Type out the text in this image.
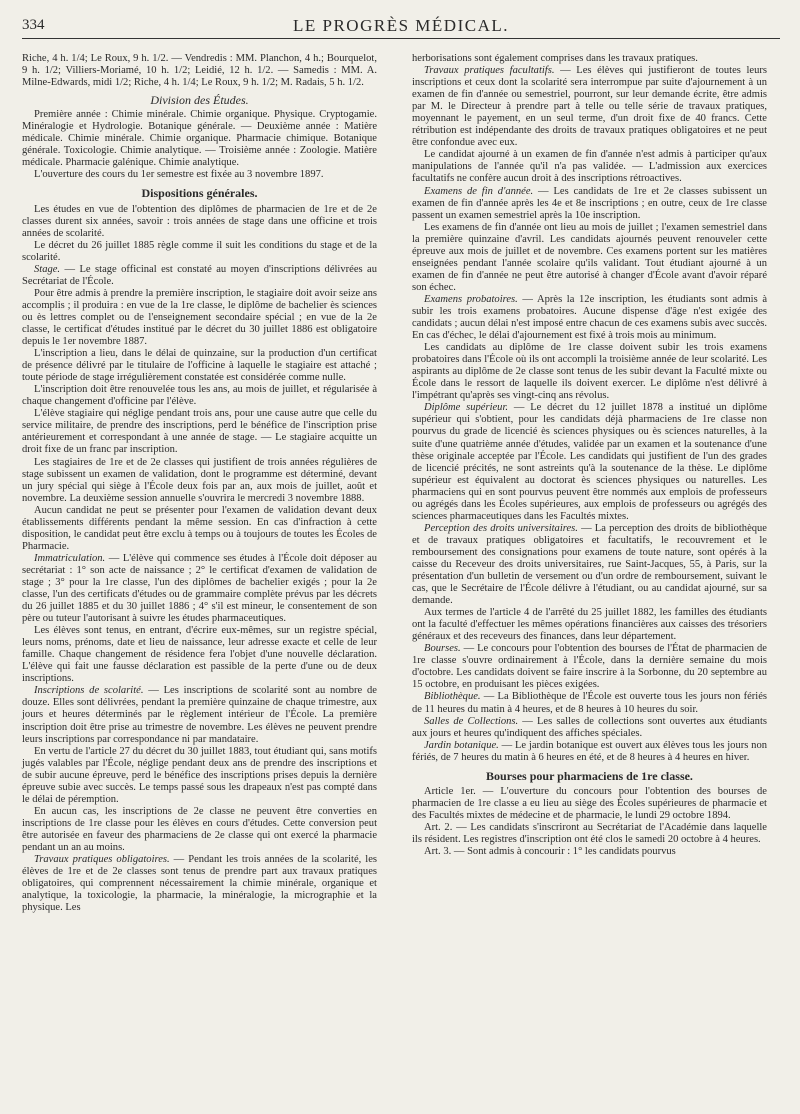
334	LE PROGRÈS MÉDICAL.

Riche, 4 h. 1/4; Le Roux, 9 h. 1/2. — Vendredis : MM. Planchon, 4 h.; Bourquelot, 9 h. 1/2; Villiers-Moriamé, 10 h. 1/2; Leidié, 12 h. 1/2. — Samedis : MM. A. Milne-Edwards, midi 1/2; Riche, 4 h. 1/4; Le Roux, 9 h. 1/2; M. Radais, 5 h. 1/2.

Division des Études.

Première année : Chimie minérale. Chimie organique. Physique. Cryptogamie. Minéralogie et Hydrologie. Botanique générale. — Deuxième année : Matière médicale. Chimie minérale. Chimie organique. Pharmacie chimique. Botanique générale. Toxicologie. Chimie analytique. — Troisième année : Zoologie. Matière médicale. Pharmacie galénique. Chimie analytique.

L'ouverture des cours du 1er semestre est fixée au 3 novembre 1897.

Dispositions générales.

Les études en vue de l'obtention des diplômes de pharmacien de 1re et de 2e classes durent six années, savoir : trois années de stage dans une officine et trois années de scolarité.

Le décret du 26 juillet 1885 règle comme il suit les conditions du stage et de la scolarité.

Stage. — Le stage officinal est constaté au moyen d'inscriptions délivrées au Secrétariat de l'École.

Pour être admis à prendre la première inscription, le stagiaire doit avoir seize ans accomplis ; il produira : en vue de la 1re classe, le diplôme de bachelier ès sciences ou ès lettres complet ou de l'enseignement secondaire spécial ; en vue de la 2e classe, le certificat d'études institué par le décret du 30 juillet 1886 est obligatoire depuis le 1er novembre 1887.

L'inscription a lieu, dans le délai de quinzaine, sur la production d'un certificat de présence délivré par le titulaire de l'officine à laquelle le stagiaire est attaché ; toute période de stage irrégulièrement constatée est considérée comme nulle.

L'inscription doit être renouvelée tous les ans, au mois de juillet, et régularisée à chaque changement d'officine par l'élève.

L'élève stagiaire qui néglige pendant trois ans, pour une cause autre que celle du service militaire, de prendre des inscriptions, perd le bénéfice de l'inscription prise antérieurement et correspondant à une année de stage. — Le stagiaire acquitte un droit fixe de un franc par inscription.

Les stagiaires de 1re et de 2e classes qui justifient de trois années régulières de stage subissent un examen de validation, dont le programme est déterminé, devant un jury spécial qui siège à l'École deux fois par an, aux mois de juillet, août et novembre. La deuxième session annuelle s'ouvrira le mercredi 3 novembre 1888.

Aucun candidat ne peut se présenter pour l'examen de validation devant deux établissements différents pendant la même session. En cas d'infraction à cette disposition, le candidat peut être exclu à temps ou à toujours de toutes les Écoles de Pharmacie.

Immatriculation. — L'élève qui commence ses études à l'École doit déposer au secrétariat : 1° son acte de naissance ; 2° le certificat d'examen de validation de stage ; 3° pour la 1re classe, l'un des diplômes de bachelier exigés ; pour la 2e classe, l'un des certificats d'études ou de grammaire complète prévus par les décrets du 26 juillet 1885 et du 30 juillet 1886 ; 4° s'il est mineur, le consentement de son père ou tuteur l'autorisant à suivre les études pharmaceutiques.

Les élèves sont tenus, en entrant, d'écrire eux-mêmes, sur un registre spécial, leurs noms, prénoms, date et lieu de naissance, leur adresse exacte et celle de leur famille. Chaque changement de résidence fera l'objet d'une nouvelle déclaration. L'élève qui fait une fausse déclaration est passible de la perte d'une ou de deux inscriptions.

Inscriptions de scolarité. — Les inscriptions de scolarité sont au nombre de douze. Elles sont délivrées, pendant la première quinzaine de chaque trimestre, aux jours et heures déterminés par le règlement intérieur de l'École. La première inscription doit être prise au trimestre de novembre. Les élèves ne peuvent prendre leurs inscriptions par correspondance ni par mandataire.

En vertu de l'article 27 du décret du 30 juillet 1883, tout étudiant qui, sans motifs jugés valables par l'École, néglige pendant deux ans de prendre des inscriptions et de subir aucune épreuve, perd le bénéfice des inscriptions prises depuis la dernière épreuve subie avec succès. Le temps passé sous les drapeaux n'est pas compté dans le délai de péremption.

En aucun cas, les inscriptions de 2e classe ne peuvent être converties en inscriptions de 1re classe pour les élèves en cours d'études. Cette conversion peut être autorisée en faveur des pharmaciens de 2e classe qui ont exercé la pharmacie pendant un an au moins.

Travaux pratiques obligatoires. — Pendant les trois années de la scolarité, les élèves de 1re et de 2e classes sont tenus de prendre part aux travaux pratiques obligatoires, qui comprennent nécessairement la chimie minérale, organique et analytique, la toxicologie, la pharmacie, la minéralogie, la micrographie et la physique. Les

herborisations sont également comprises dans les travaux pratiques.

Travaux pratiques facultatifs. — Les élèves qui justifieront de toutes leurs inscriptions et ceux dont la scolarité sera interrompue par suite d'ajournement à un examen de fin d'année ou semestriel, pourront, sur leur demande écrite, être admis par M. le Directeur à prendre part à telle ou telle série de travaux pratiques, moyennant le payement, en un seul terme, d'un droit fixe de 40 francs. Cette rétribution est indépendante des droits de travaux pratiques obligatoires et ne peut être confondue avec eux.

Le candidat ajourné à un examen de fin d'année n'est admis à participer qu'aux manipulations de l'année qu'il n'a pas validée. — L'admission aux exercices facultatifs ne confère aucun droit à des inscriptions rétroactives.

Examens de fin d'année. — Les candidats de 1re et 2e classes subissent un examen de fin d'année après les 4e et 8e inscriptions ; en outre, ceux de 1re classe passent un examen semestriel après la 10e inscription.

Les examens de fin d'année ont lieu au mois de juillet ; l'examen semestriel dans la première quinzaine d'avril. Les candidats ajournés peuvent renouveler cette épreuve aux mois de juillet et de novembre. Ces examens portent sur les matières enseignées pendant l'année scolaire qu'ils validant. Tout étudiant ajourné à un examen de fin d'année ne peut être autorisé à changer d'École avant d'avoir réparé son échec.

Examens probatoires. — Après la 12e inscription, les étudiants sont admis à subir les trois examens probatoires. Aucune dispense d'âge n'est exigée des candidats ; aucun délai n'est imposé entre chacun de ces examens subis avec succès. En cas d'échec, le délai d'ajournement est fixé à trois mois au minimum.

Les candidats au diplôme de 1re classe doivent subir les trois examens probatoires dans l'École où ils ont accompli la troisième année de leur scolarité. Les aspirants au diplôme de 2e classe sont tenus de les subir devant la Faculté mixte ou École dans le ressort de laquelle ils doivent exercer. Le diplôme n'est délivré à l'impétrant qu'après ses vingt-cinq ans révolus.

Diplôme supérieur. — Le décret du 12 juillet 1878 a institué un diplôme supérieur qui s'obtient, pour les candidats déjà pharmaciens de 1re classe non pourvus du grade de licencié ès sciences physiques ou ès sciences naturelles, à la suite d'une quatrième année d'études, validée par un examen et la soutenance d'une thèse originale acceptée par l'École. Les candidats qui justifient de l'un des grades de licencié précités, ne sont astreints qu'à la soutenance de la thèse. Le diplôme supérieur est équivalent au doctorat ès sciences physiques ou naturelles. Les pharmaciens qui en sont pourvus peuvent être nommés aux emplois de professeurs ou agrégés dans les Écoles supérieures, aux emplois de professeurs ou agrégés des sciences pharmaceutiques dans les Facultés mixtes.

Perception des droits universitaires. — La perception des droits de bibliothèque et de travaux pratiques obligatoires et facultatifs, le recouvrement et le remboursement des consignations pour examens de toute nature, sont opérés à la caisse du Receveur des droits universitaires, rue Saint-Jacques, 55, à Paris, sur la présentation d'un bulletin de versement ou d'un ordre de remboursement, suivant le cas, que le Secrétaire de l'École délivre à l'étudiant, ou au candidat ajourné, sur sa demande.

Aux termes de l'article 4 de l'arrêté du 25 juillet 1882, les familles des étudiants ont la faculté d'effectuer les mêmes opérations financières aux caisses des trésoriers généraux et des receveurs des finances, dans leur département.

Bourses. — Le concours pour l'obtention des bourses de l'État de pharmacien de 1re classe s'ouvre ordinairement à l'École, dans la dernière semaine du mois d'octobre. Les candidats doivent se faire inscrire à la Sorbonne, du 20 septembre au 15 octobre, en produisant les pièces exigées.

Bibliothèque. — La Bibliothèque de l'École est ouverte tous les jours non fériés de 11 heures du matin à 4 heures, et de 8 heures à 10 heures du soir.

Salles de Collections. — Les salles de collections sont ouvertes aux étudiants aux jours et heures qu'indiquent des affiches spéciales.

Jardin botanique. — Le jardin botanique est ouvert aux élèves tous les jours non fériés, de 7 heures du matin à 6 heures en été, et de 8 heures à 4 heures en hiver.

Bourses pour pharmaciens de 1re classe.

Article 1er. — L'ouverture du concours pour l'obtention des bourses de pharmacien de 1re classe a eu lieu au siège des Écoles supérieures de pharmacie et des Facultés mixtes de médecine et de pharmacie, le lundi 29 octobre 1894.

Art. 2. — Les candidats s'inscriront au Secrétariat de l'Académie dans laquelle ils résident. Les registres d'inscription ont été clos le samedi 20 octobre à 4 heures.

Art. 3. — Sont admis à concourir : 1° les candidats pourvus
